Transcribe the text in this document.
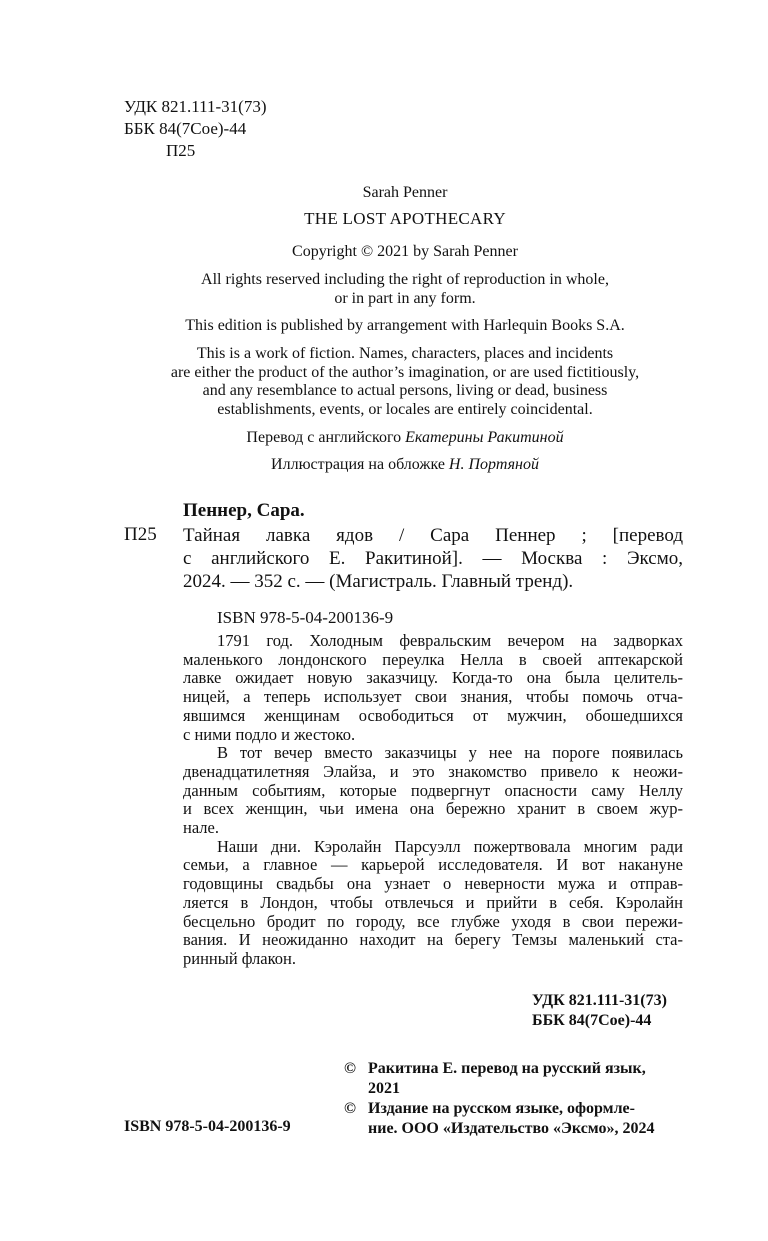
УДК 821.111-31(73)
ББК 84(7Сое)-44
П25
Sarah Penner
THE LOST APOTHECARY
Copyright © 2021 by Sarah Penner
All rights reserved including the right of reproduction in whole,
or in part in any form.
This edition is published by arrangement with Harlequin Books S.A.
This is a work of fiction. Names, characters, places and incidents
are either the product of the author’s imagination, or are used fictitiously,
and any resemblance to actual persons, living or dead, business
establishments, events, or locales are entirely coincidental.
Перевод с английского Екатерины Ракитиной
Иллюстрация на обложке Н. Портяной
Пеннер, Сара.
П25 Тайная лавка ядов / Сара Пеннер ; [перевод
с английского Е. Ракитиной]. — Москва : Эксмо,
2024. — 352 с. — (Магистраль. Главный тренд).
ISBN 978-5-04-200136-9

1791 год. Холодным февральским вечером на задворках
маленького лондонского переулка Нелла в своей аптекарской
лавке ожидает новую заказчицу. Когда-то она была целитель-
ницей, а теперь использует свои знания, чтобы помочь отча-
явшимся женщинам освободиться от мужчин, обошедшихся
с ними подло и жестоко.

В тот вечер вместо заказчицы у нее на пороге появилась
двенадцатилетняя Элайза, и это знакомство привело к неожи-
данным событиям, которые подвергнут опасности саму Неллу
и всех женщин, чьи имена она бережно хранит в своем жур-
нале.

Наши дни. Кэролайн Парсуэлл пожертвовала многим ради
семьи, а главное — карьерой исследователя. И вот накануне
годовщины свадьбы она узнает о неверности мужа и отправ-
ляется в Лондон, чтобы отвлечься и прийти в себя. Кэролайн
бесцельно бродит по городу, все глубже уходя в свои пережи-
вания. И неожиданно находит на берегу Темзы маленький ста-
ринный флакон.

УДК 821.111-31(73)
ББК 84(7Сое)-44
© Ракитина Е. перевод на русский язык,
2021
© Издание на русском языке, оформле-
ние. ООО «Издательство «Эксмо», 2024
ISBN 978-5-04-200136-9
